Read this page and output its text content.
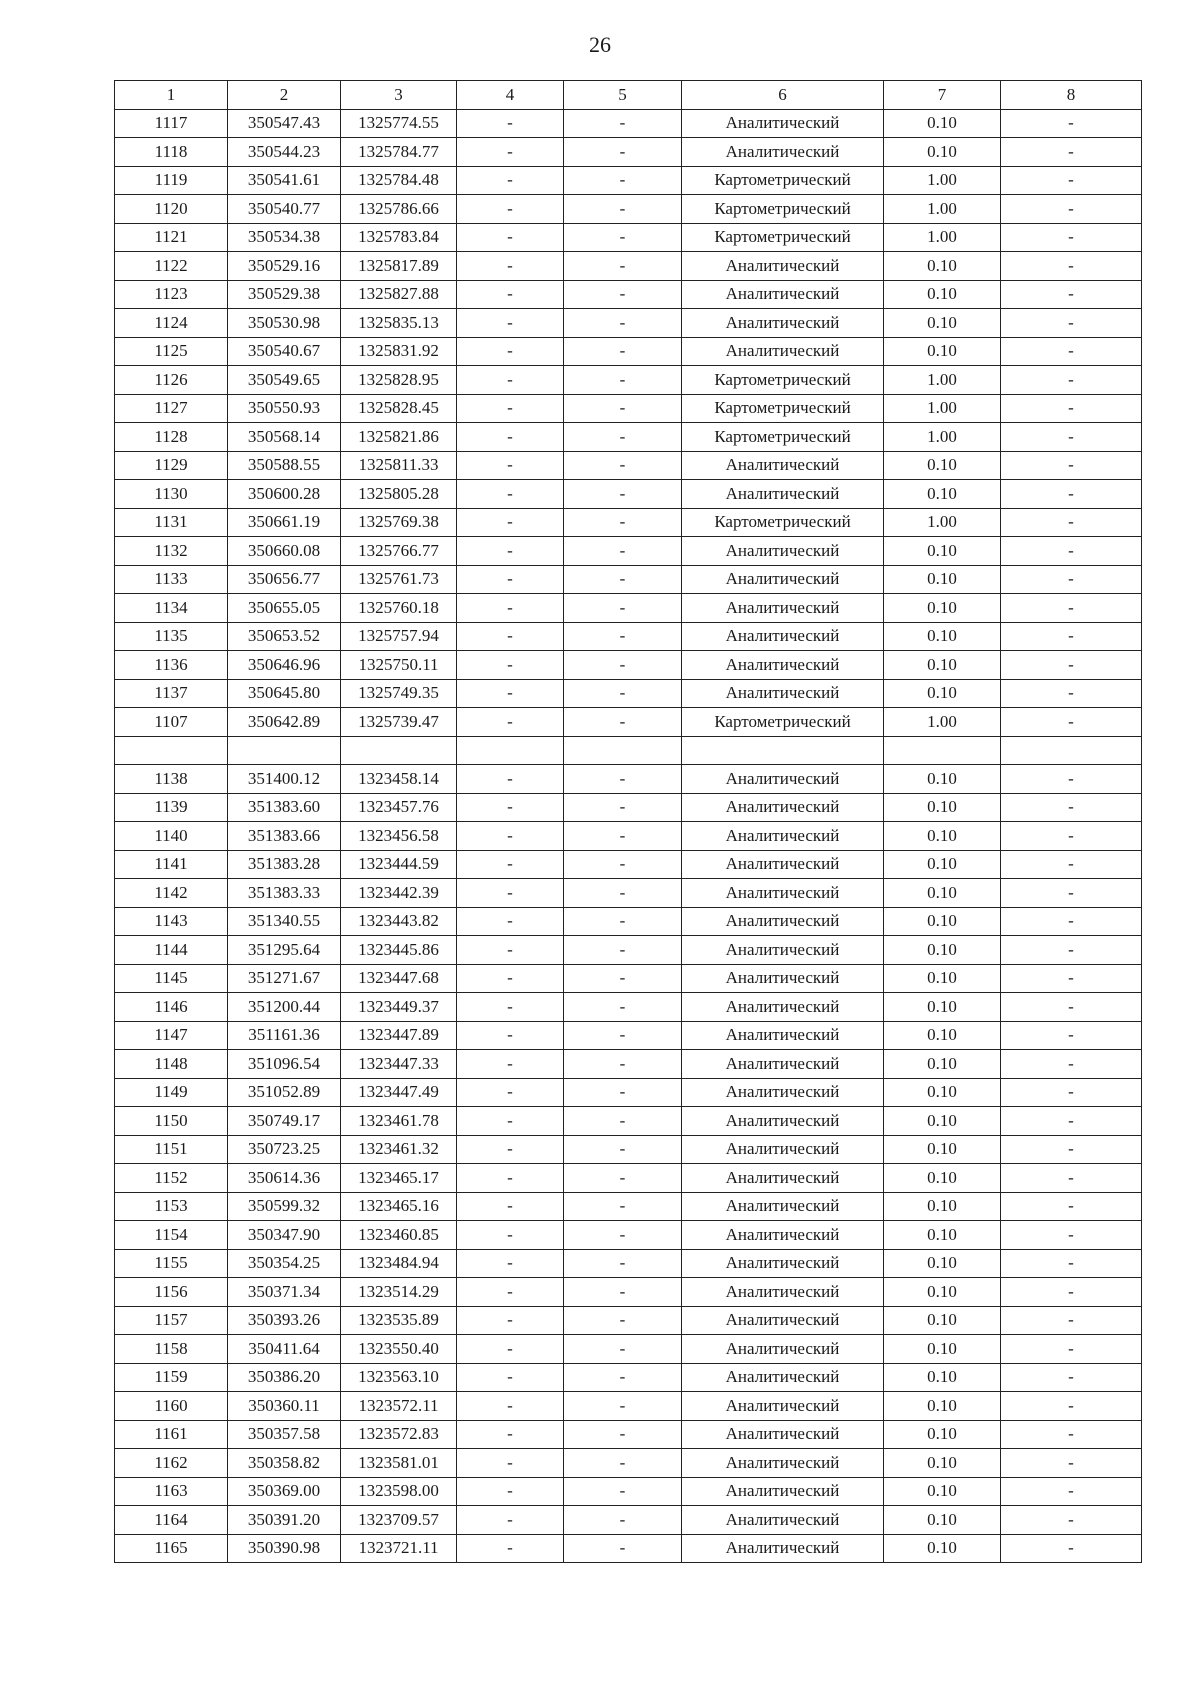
26
1	2	3	4	5	6	7	8
1117	350547.43	1325774.55	-	-	Аналитический	0.10	-
1118	350544.23	1325784.77	-	-	Аналитический	0.10	-
1119	350541.61	1325784.48	-	-	Картометрический	1.00	-
1120	350540.77	1325786.66	-	-	Картометрический	1.00	-
1121	350534.38	1325783.84	-	-	Картометрический	1.00	-
1122	350529.16	1325817.89	-	-	Аналитический	0.10	-
1123	350529.38	1325827.88	-	-	Аналитический	0.10	-
1124	350530.98	1325835.13	-	-	Аналитический	0.10	-
1125	350540.67	1325831.92	-	-	Аналитический	0.10	-
1126	350549.65	1325828.95	-	-	Картометрический	1.00	-
1127	350550.93	1325828.45	-	-	Картометрический	1.00	-
1128	350568.14	1325821.86	-	-	Картометрический	1.00	-
1129	350588.55	1325811.33	-	-	Аналитический	0.10	-
1130	350600.28	1325805.28	-	-	Аналитический	0.10	-
1131	350661.19	1325769.38	-	-	Картометрический	1.00	-
1132	350660.08	1325766.77	-	-	Аналитический	0.10	-
1133	350656.77	1325761.73	-	-	Аналитический	0.10	-
1134	350655.05	1325760.18	-	-	Аналитический	0.10	-
1135	350653.52	1325757.94	-	-	Аналитический	0.10	-
1136	350646.96	1325750.11	-	-	Аналитический	0.10	-
1137	350645.80	1325749.35	-	-	Аналитический	0.10	-
1107	350642.89	1325739.47	-	-	Картометрический	1.00	-

1138	351400.12	1323458.14	-	-	Аналитический	0.10	-
1139	351383.60	1323457.76	-	-	Аналитический	0.10	-
1140	351383.66	1323456.58	-	-	Аналитический	0.10	-
1141	351383.28	1323444.59	-	-	Аналитический	0.10	-
1142	351383.33	1323442.39	-	-	Аналитический	0.10	-
1143	351340.55	1323443.82	-	-	Аналитический	0.10	-
1144	351295.64	1323445.86	-	-	Аналитический	0.10	-
1145	351271.67	1323447.68	-	-	Аналитический	0.10	-
1146	351200.44	1323449.37	-	-	Аналитический	0.10	-
1147	351161.36	1323447.89	-	-	Аналитический	0.10	-
1148	351096.54	1323447.33	-	-	Аналитический	0.10	-
1149	351052.89	1323447.49	-	-	Аналитический	0.10	-
1150	350749.17	1323461.78	-	-	Аналитический	0.10	-
1151	350723.25	1323461.32	-	-	Аналитический	0.10	-
1152	350614.36	1323465.17	-	-	Аналитический	0.10	-
1153	350599.32	1323465.16	-	-	Аналитический	0.10	-
1154	350347.90	1323460.85	-	-	Аналитический	0.10	-
1155	350354.25	1323484.94	-	-	Аналитический	0.10	-
1156	350371.34	1323514.29	-	-	Аналитический	0.10	-
1157	350393.26	1323535.89	-	-	Аналитический	0.10	-
1158	350411.64	1323550.40	-	-	Аналитический	0.10	-
1159	350386.20	1323563.10	-	-	Аналитический	0.10	-
1160	350360.11	1323572.11	-	-	Аналитический	0.10	-
1161	350357.58	1323572.83	-	-	Аналитический	0.10	-
1162	350358.82	1323581.01	-	-	Аналитический	0.10	-
1163	350369.00	1323598.00	-	-	Аналитический	0.10	-
1164	350391.20	1323709.57	-	-	Аналитический	0.10	-
1165	350390.98	1323721.11	-	-	Аналитический	0.10	-
